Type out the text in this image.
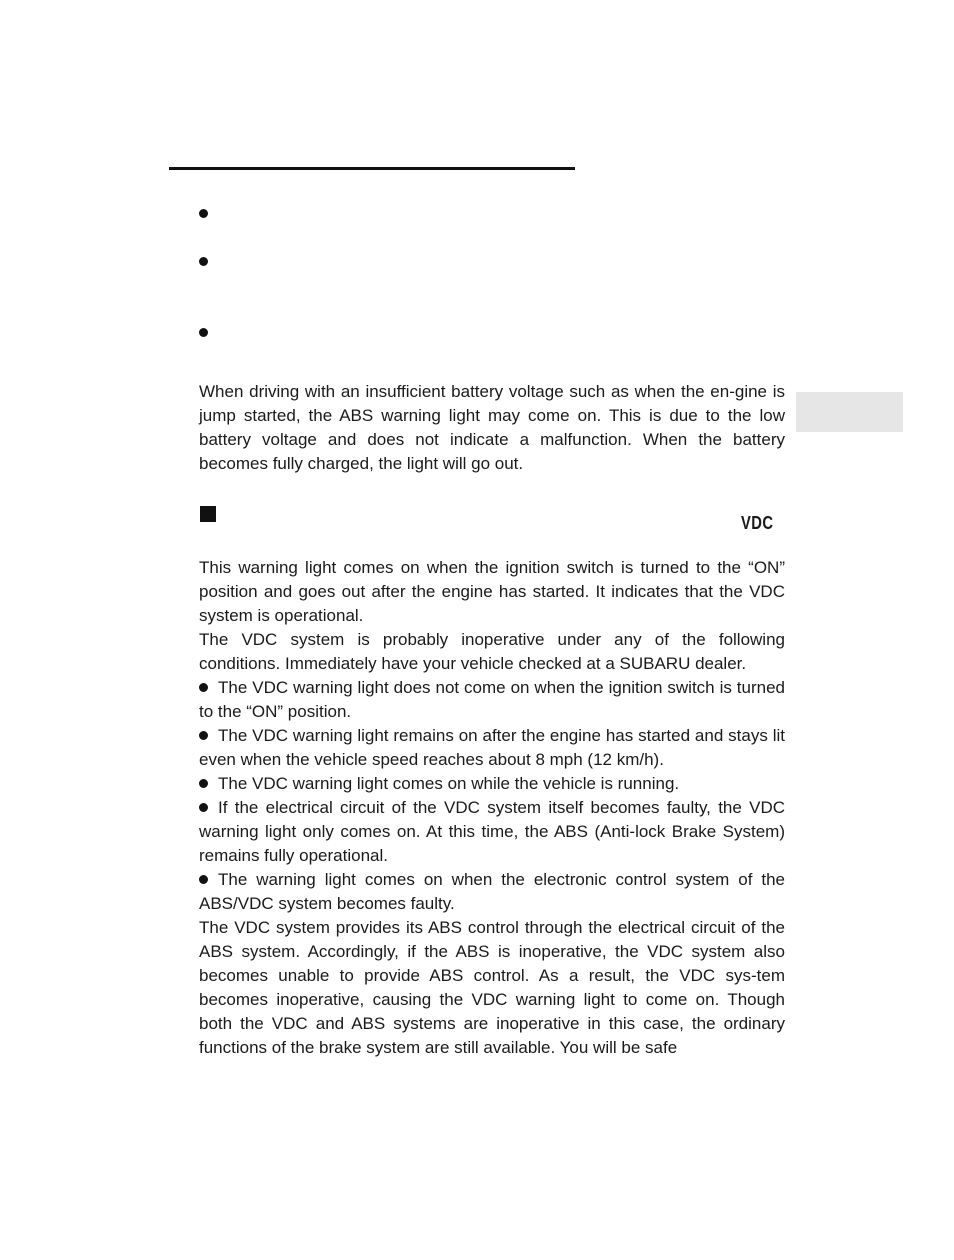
When driving with an insufficient battery voltage such as when the en-gine is jump started, the ABS warning light may come on. This is due to the low battery voltage and does not indicate a malfunction. When the battery becomes fully charged, the light will go out.

VDC

This warning light comes on when the ignition switch is turned to the “ON” position and goes out after the engine has started. It indicates that the VDC system is operational.

The VDC system is probably inoperative under any of the following conditions. Immediately have your vehicle checked at a SUBARU dealer.

The VDC warning light does not come on when the ignition switch is turned to the “ON” position.

The VDC warning light remains on after the engine has started and stays lit even when the vehicle speed reaches about 8 mph (12 km/h).

The VDC warning light comes on while the vehicle is running.

If the electrical circuit of the VDC system itself becomes faulty, the VDC warning light only comes on. At this time, the ABS (Anti-lock Brake System) remains fully operational.

The warning light comes on when the electronic control system of the ABS/VDC system becomes faulty.

The VDC system provides its ABS control through the electrical circuit of the ABS system. Accordingly, if the ABS is inoperative, the VDC system also becomes unable to provide ABS control. As a result, the VDC sys-tem becomes inoperative, causing the VDC warning light to come on. Though both the VDC and ABS systems are inoperative in this case, the ordinary functions of the brake system are still available. You will be safe
